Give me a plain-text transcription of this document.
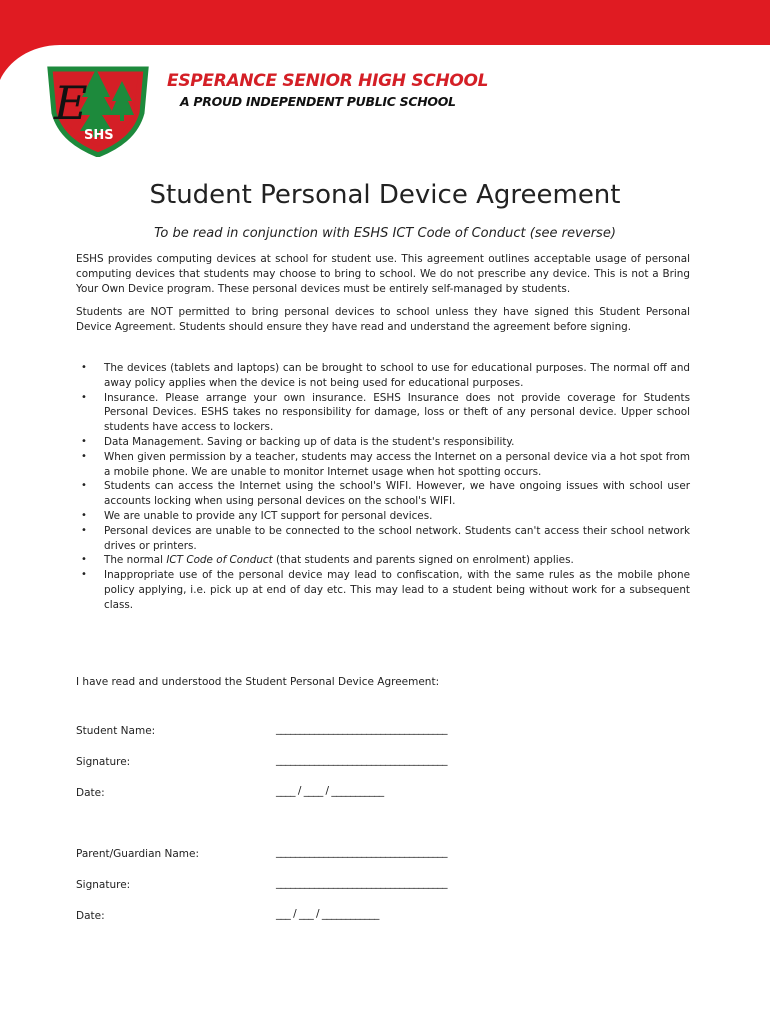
E
SHS
ESPERANCE SENIOR HIGH SCHOOL

A PROUD INDEPENDENT PUBLIC SCHOOL

Student Personal Device Agreement

To be read in conjunction with ESHS ICT Code of Conduct (see reverse)

ESHS provides computing devices at school for student use. This agreement outlines acceptable usage of personal computing devices that students may choose to bring to school. We do not prescribe any device. This is not a Bring Your Own Device program. These personal devices must be entirely self-managed by students.

Students are NOT permitted to bring personal devices to school unless they have signed this Student Personal Device Agreement. Students should ensure they have read and understand the agreement before signing.

• The devices (tablets and laptops) can be brought to school to use for educational purposes. The normal off and away policy applies when the device is not being used for educational purposes.
• Insurance. Please arrange your own insurance. ESHS Insurance does not provide coverage for Students Personal Devices. ESHS takes no responsibility for damage, loss or theft of any personal device. Upper school students have access to lockers.
• Data Management. Saving or backing up of data is the student's responsibility.
• When given permission by a teacher, students may access the Internet on a personal device via a hot spot from a mobile phone. We are unable to monitor Internet usage when hot spotting occurs.
• Students can access the Internet using the school's WIFI. However, we have ongoing issues with school user accounts locking when using personal devices on the school's WIFI.
• We are unable to provide any ICT support for personal devices.
• Personal devices are unable to be connected to the school network. Students can't access their school network drives or printers.
• The normal ICT Code of Conduct (that students and parents signed on enrolment) applies.
• Inappropriate use of the personal device may lead to confiscation, with the same rules as the mobile phone policy applying, i.e. pick up at end of day etc. This may lead to a student being without work for a subsequent class.

I have read and understood the Student Personal Device Agreement:

Student Name:	____________________________________

Signature:	____________________________________

Date:	____ / ____ / ___________

Parent/Guardian Name:	____________________________________

Signature:	____________________________________

Date:	___ / ___ / ____________
